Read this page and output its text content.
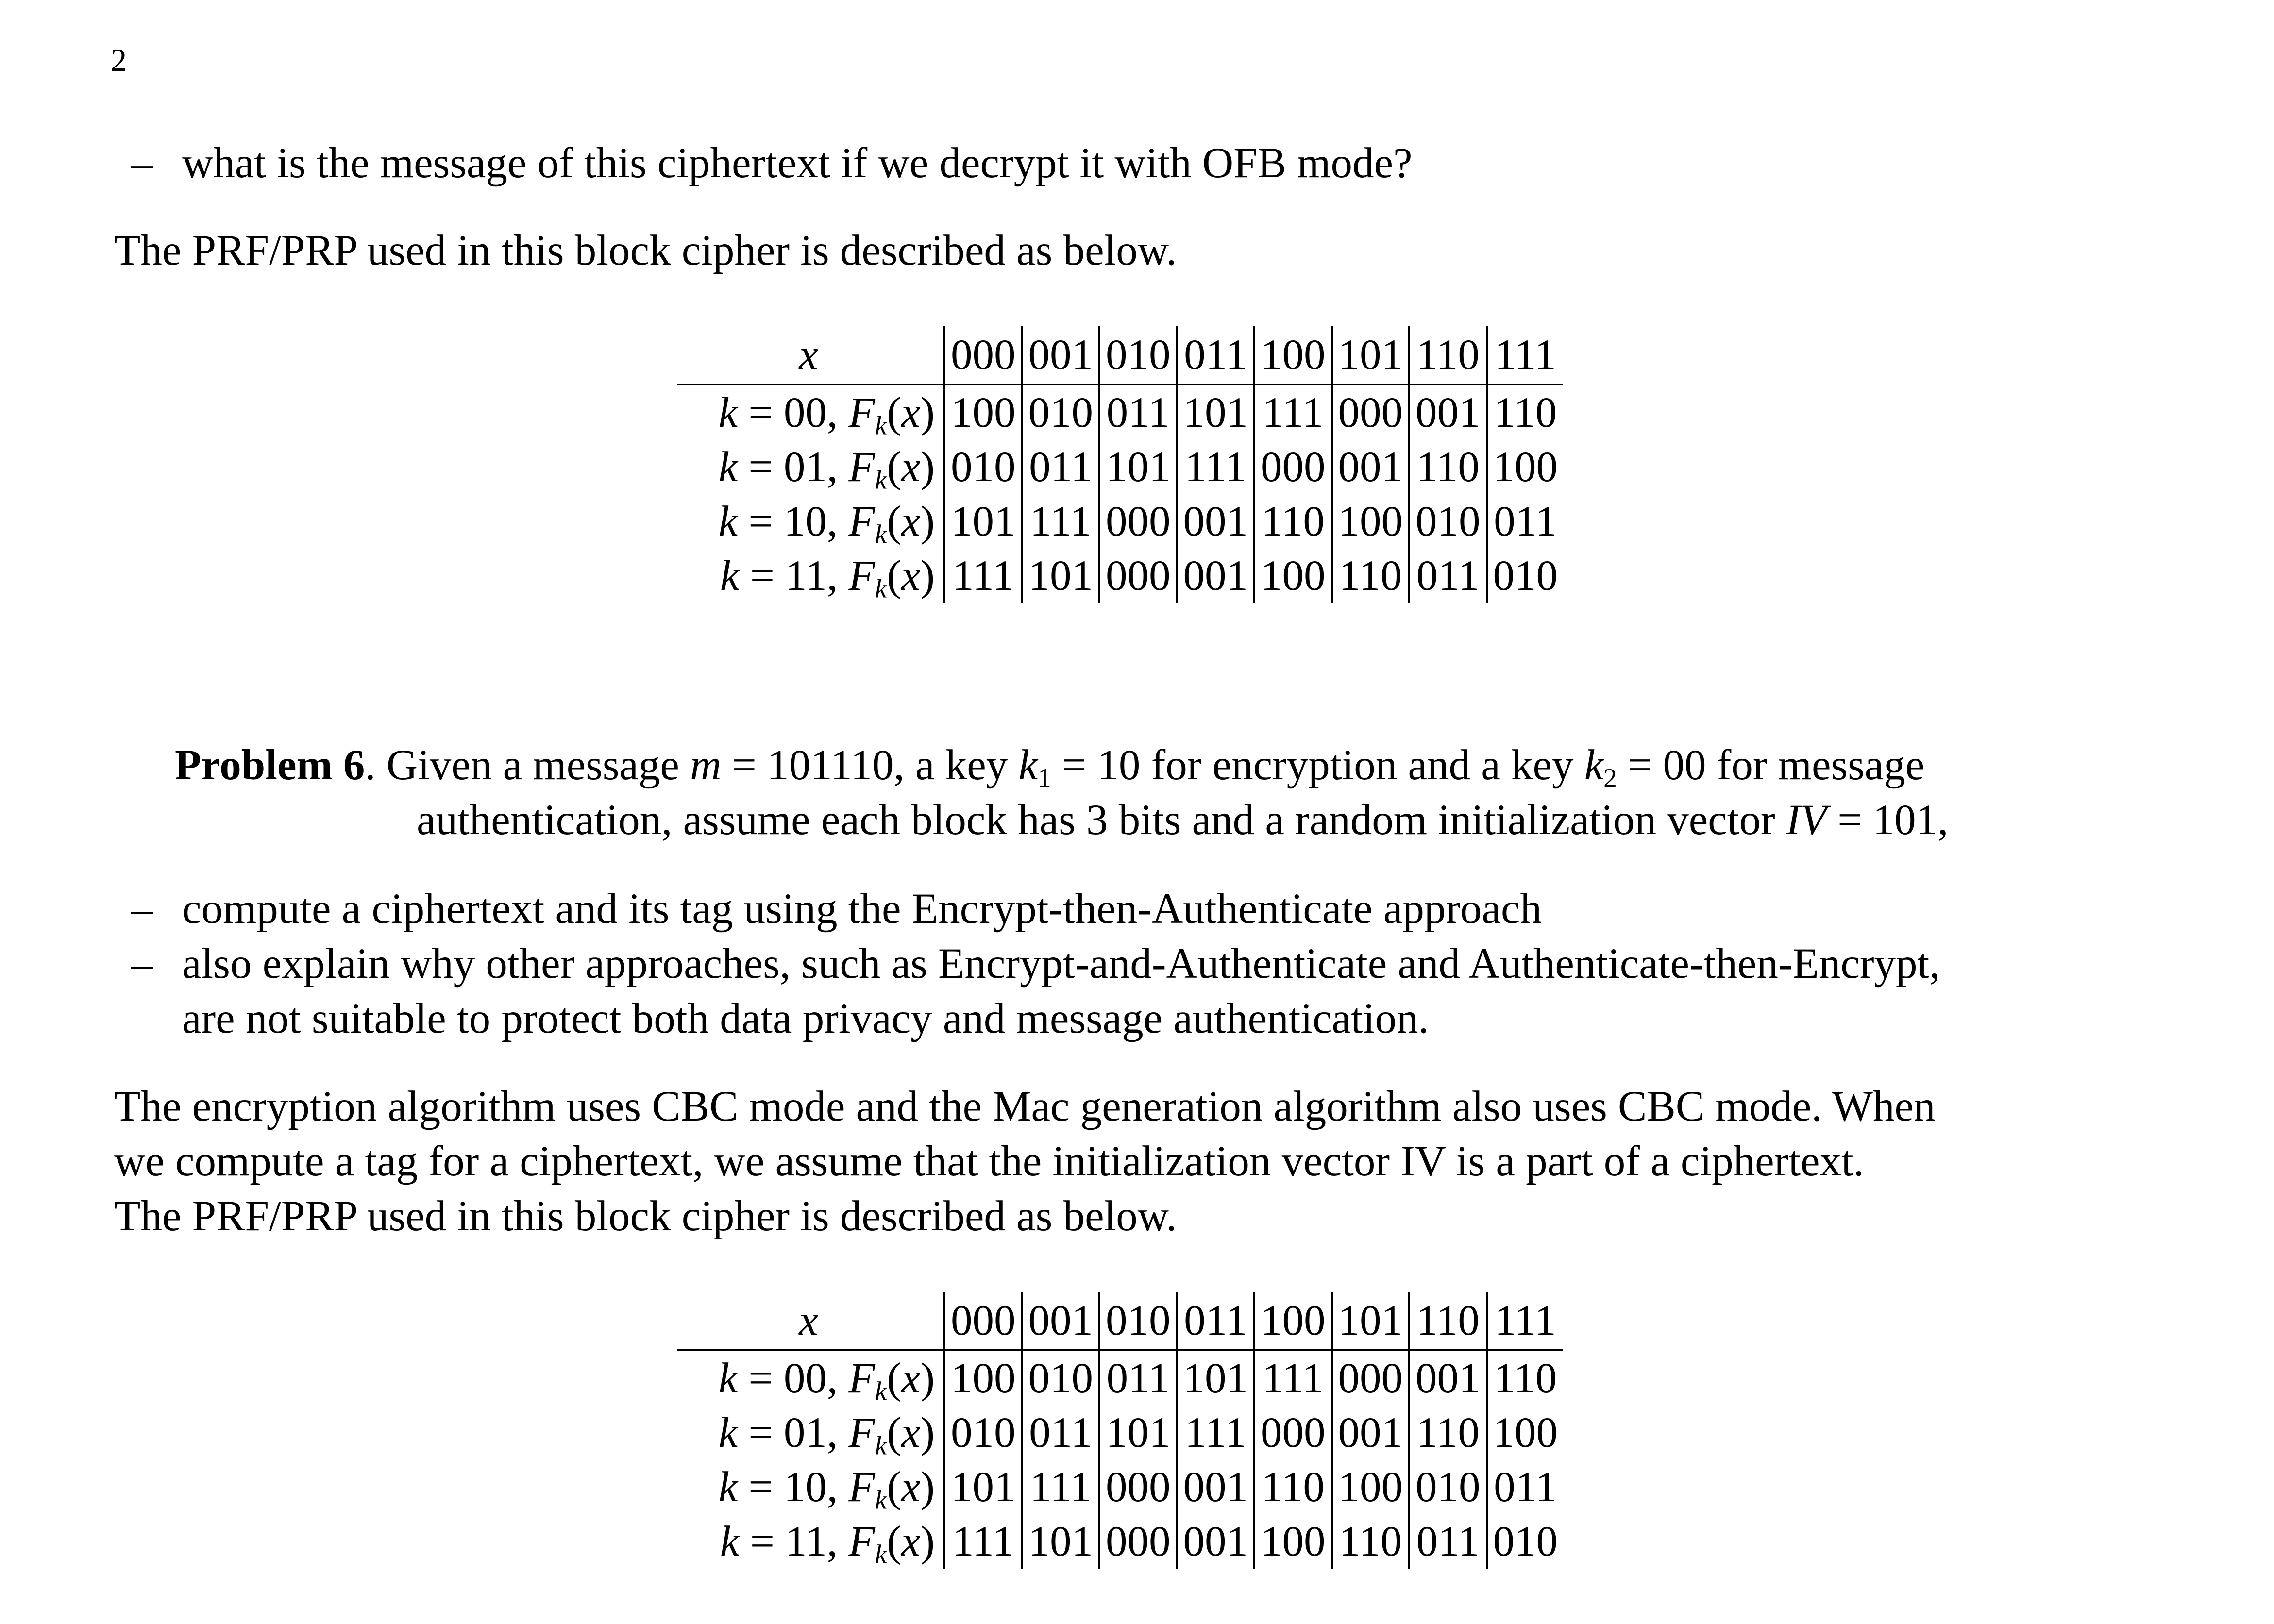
2
– what is the message of this ciphertext if we decrypt it with OFB mode?
The PRF/PRP used in this block cipher is described as below.
x	000	001	010	011	100	101	110	111
k = 00, $F_k(x)$	100	010	011	101	111	000	001	110
k = 01, $F_k(x)$	010	011	101	111	000	001	110	100
k = 10, $F_k(x)$	101	111	000	001	110	100	010	011
k = 11, $F_k(x)$	111	101	000	001	100	110	011	010
Problem 6. Given a message m = 101110, a key $k_1 = 10$ for encryption and a key $k_2 = 00$ for message
authentication, assume each block has 3 bits and a random initialization vector IV = 101,
– compute a ciphertext and its tag using the Encrypt-then-Authenticate approach
– also explain why other approaches, such as Encrypt-and-Authenticate and Authenticate-then-Encrypt,
are not suitable to protect both data privacy and message authentication.
The encryption algorithm uses CBC mode and the Mac generation algorithm also uses CBC mode. When
we compute a tag for a ciphertext, we assume that the initialization vector IV is a part of a ciphertext.
The PRF/PRP used in this block cipher is described as below.
x	000	001	010	011	100	101	110	111
k = 00, $F_k(x)$	100	010	011	101	111	000	001	110
k = 01, $F_k(x)$	010	011	101	111	000	001	110	100
k = 10, $F_k(x)$	101	111	000	001	110	100	010	011
k = 11, $F_k(x)$	111	101	000	001	100	110	011	010
